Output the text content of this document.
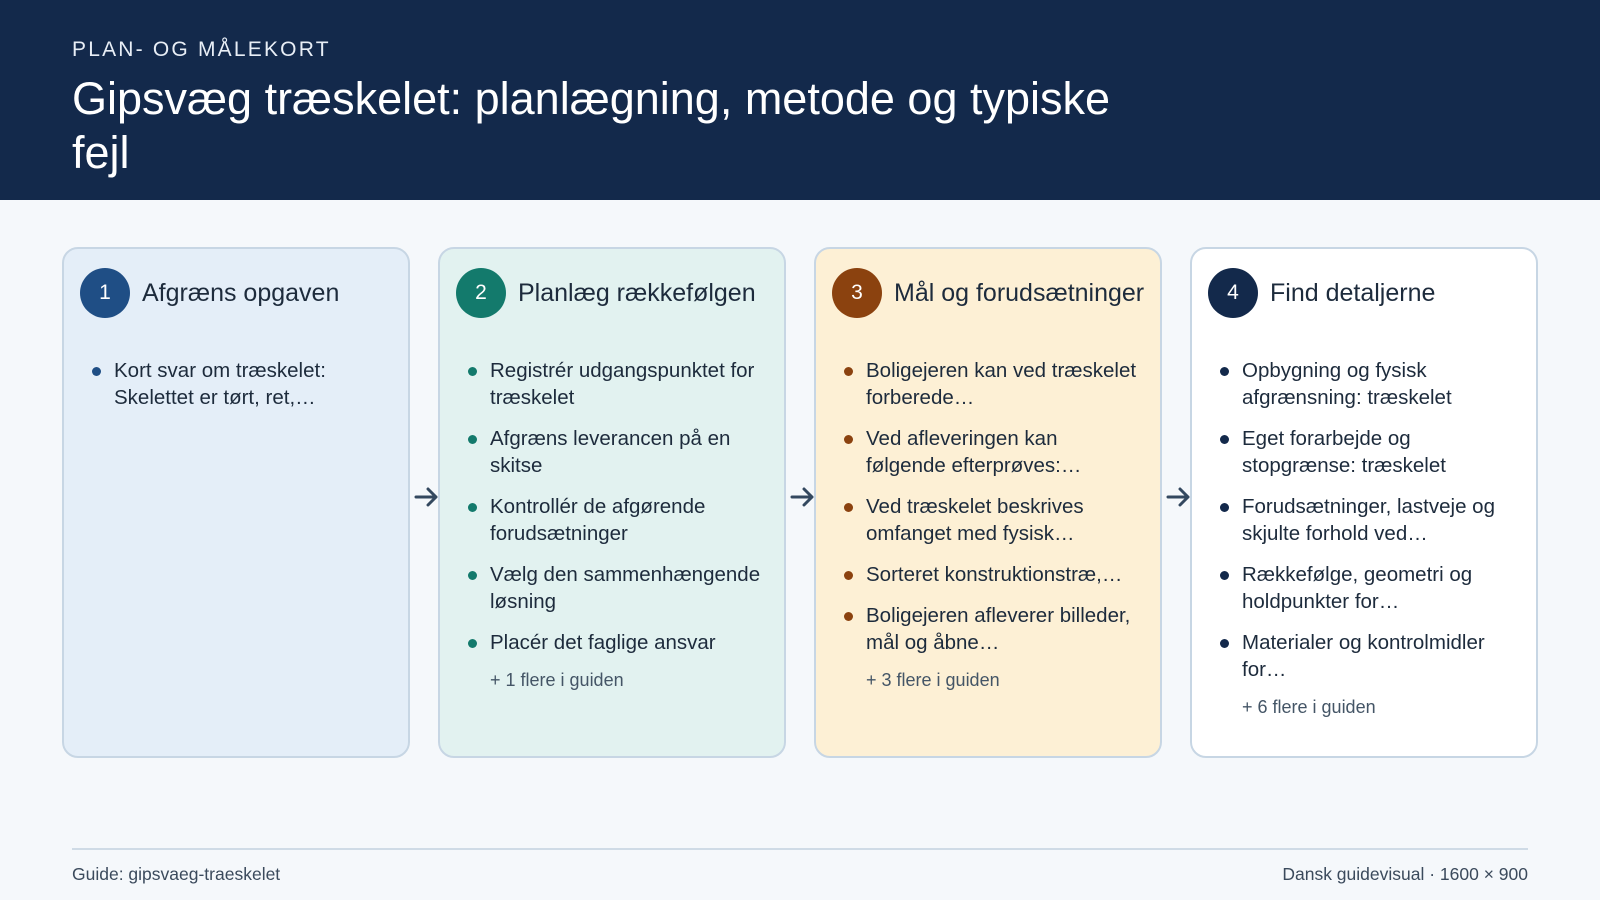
PLAN- OG MÅLEKORT
Gipsvæg træskelet: planlægning, metode og typiske fejl
1	Afgræns opgaven
Kort svar om træskelet: Skelettet er tørt, ret,…
2	Planlæg rækkefølgen
Registrér udgangspunktet for træskelet
Afgræns leverancen på en skitse
Kontrollér de afgørende forudsætninger
Vælg den sammenhængende løsning
Placér det faglige ansvar
+ 1 flere i guiden
3	Mål og forudsætninger
Boligejeren kan ved træskelet forberede…
Ved afleveringen kan følgende efterprøves:…
Ved træskelet beskrives omfanget med fysisk…
Sorteret konstruktionstræ,…
Boligejeren afleverer billeder, mål og åbne…
+ 3 flere i guiden
4	Find detaljerne
Opbygning og fysisk afgrænsning: træskelet
Eget forarbejde og stopgrænse: træskelet
Forudsætninger, lastveje og skjulte forhold ved…
Rækkefølge, geometri og holdpunkter for…
Materialer og kontrolmidler for…
+ 6 flere i guiden
Guide: gipsvaeg-traeskelet	Dansk guidevisual · 1600 × 900
